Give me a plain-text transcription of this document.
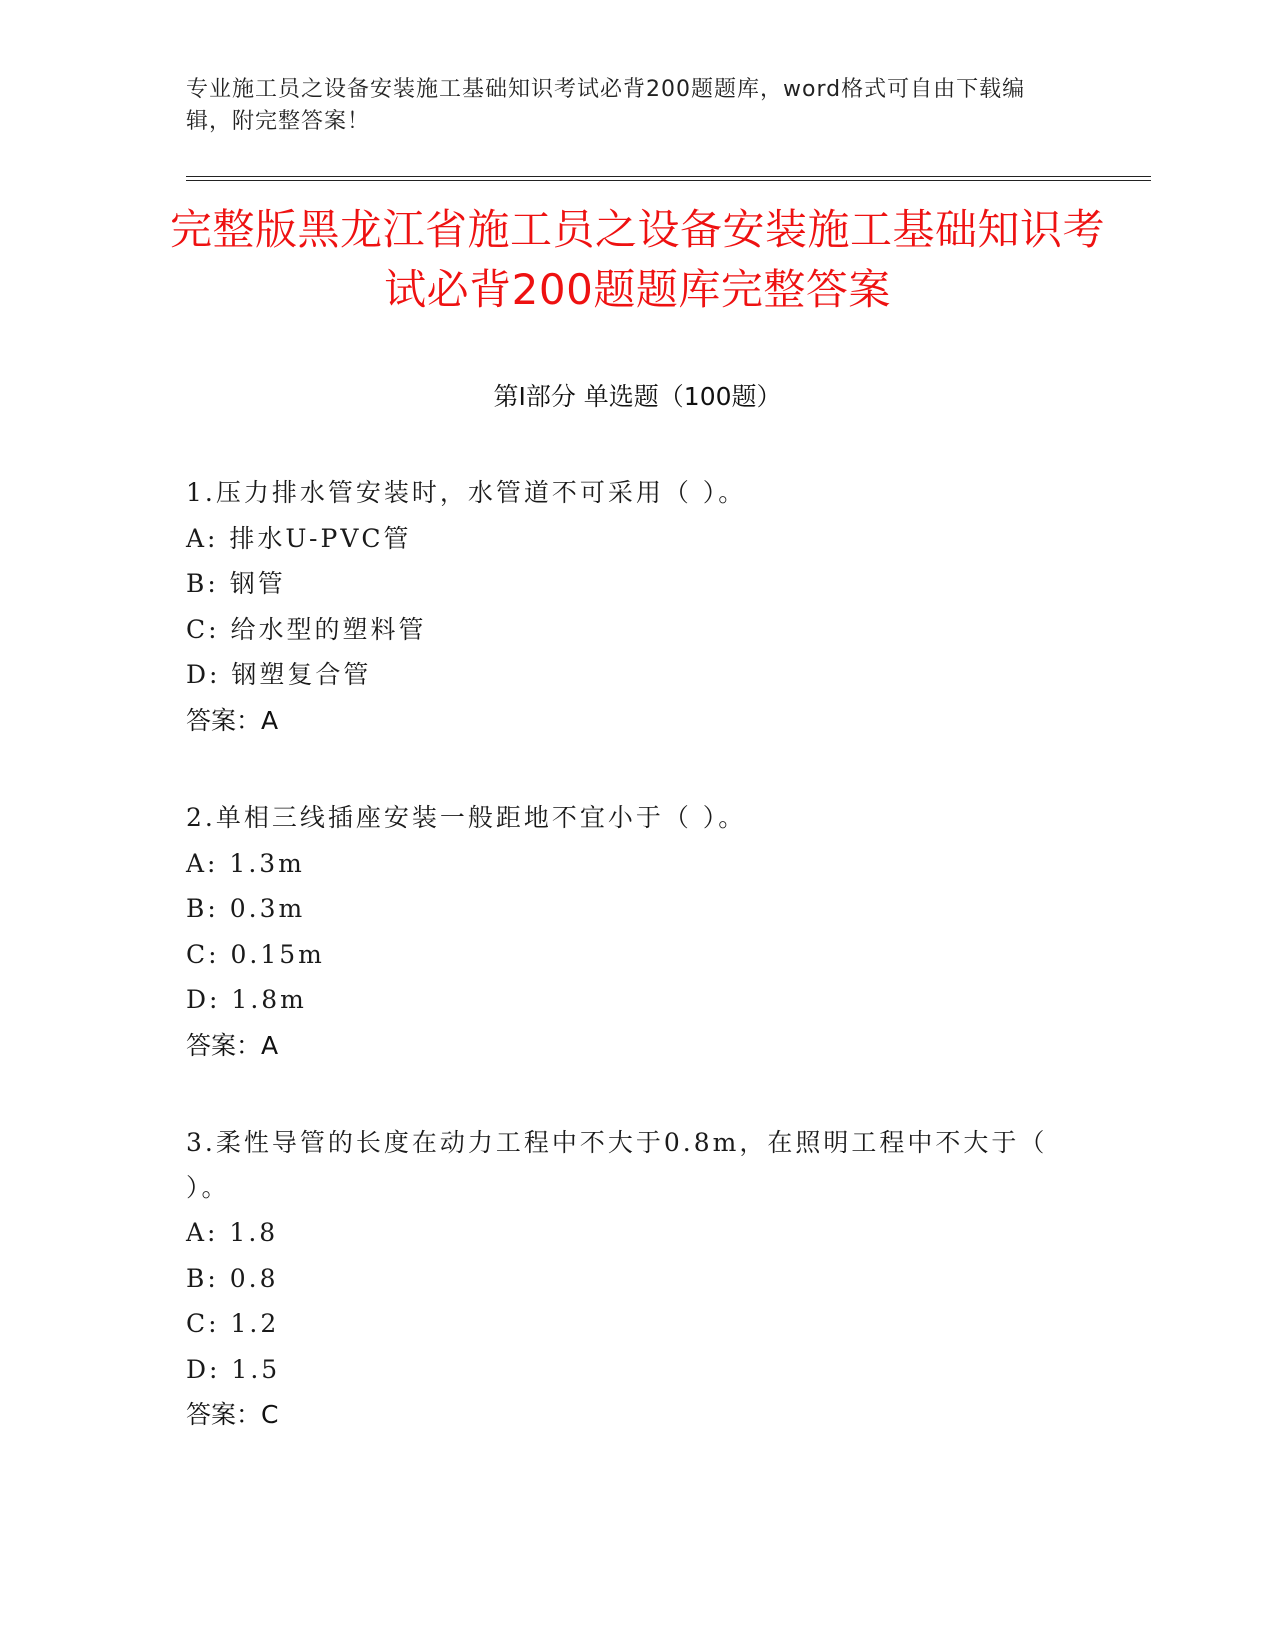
专业施工员之设备安装施工基础知识考试必背200题题库，word格式可自由下载编辑，附完整答案！
完整版黑龙江省施工员之设备安装施工基础知识考试必背200题题库完整答案
第Ⅰ部分 单选题（100题）

1.压力排水管安装时，水管道不可采用（ ）。

A: 排水U-PVC管

B: 钢管

C: 给水型的塑料管

D: 钢塑复合管

答案：A

2.单相三线插座安装一般距地不宜小于（ ）。

A: 1.3m

B: 0.3m

C: 0.15m

D: 1.8m

答案：A

3.柔性导管的长度在动力工程中不大于0.8m，在照明工程中不大于（ ）。

A: 1.8

B: 0.8

C: 1.2

D: 1.5

答案：C
